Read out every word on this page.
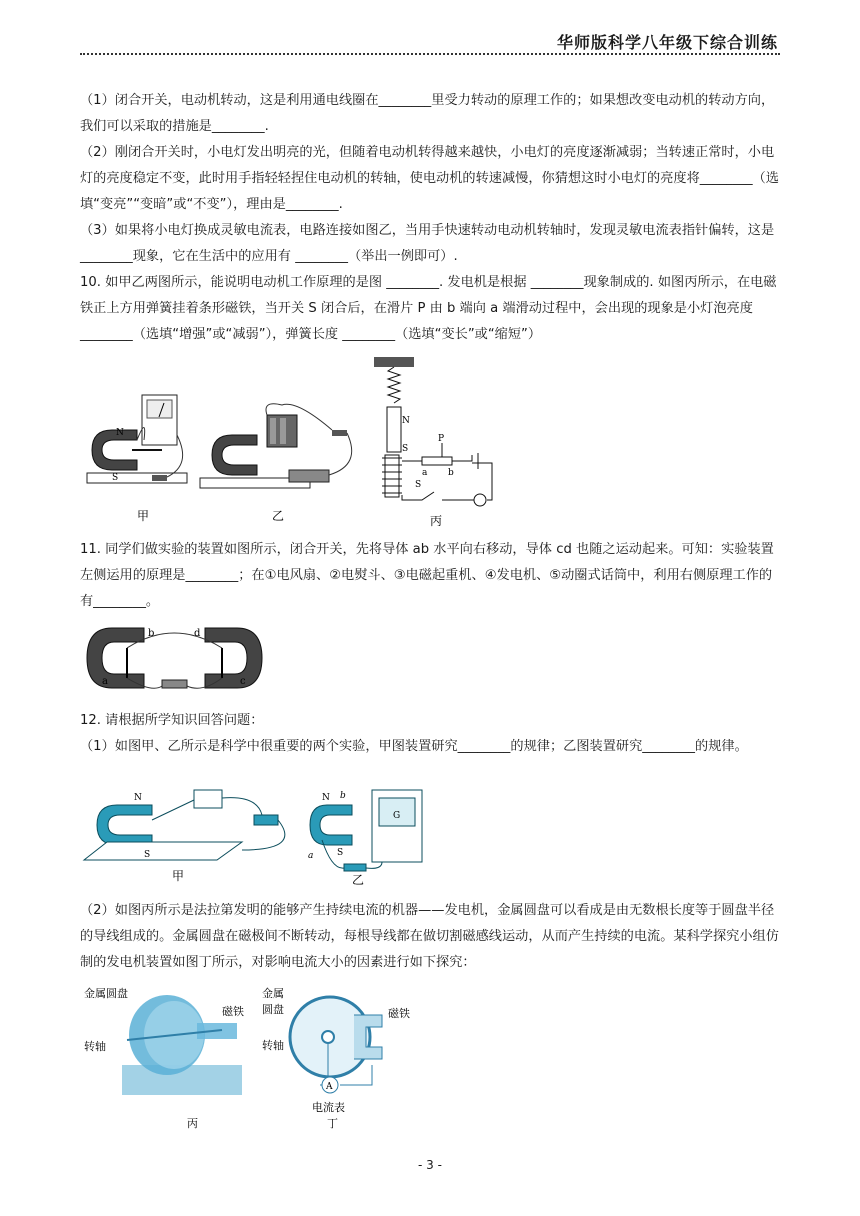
华师版科学八年级下综合训练
（1）闭合开关，电动机转动，这是利用通电线圈在________里受力转动的原理工作的；如果想改变电动机的转动方向，我们可以采取的措施是________.
（2）刚闭合开关时，小电灯发出明亮的光，但随着电动机转得越来越快，小电灯的亮度逐渐减弱；当转速正常时，小电灯的亮度稳定不变，此时用手指轻轻捏住电动机的转轴，使电动机的转速减慢，你猜想这时小电灯的亮度将________（选填“变亮”“变暗”或“不变”），理由是________.
（3）如果将小电灯换成灵敏电流表，电路连接如图乙，当用手快速转动电动机转轴时，发现灵敏电流表指针偏转，这是________现象，它在生活中的应用有 ________（举出一例即可）.
10. 如甲乙两图所示，能说明电动机工作原理的是图 ________. 发电机是根据 ________现象制成的. 如图丙所示，在电磁铁正上方用弹簧挂着条形磁铁，当开关 S 闭合后，在滑片 P 由 b 端向 a 端滑动过程中，会出现的现象是小灯泡亮度 ________（选填“增强”或“减弱”），弹簧长度 ________（选填“变长”或“缩短”）
N
S
甲	乙
N
S
P
a b
S
丙
11. 同学们做实验的装置如图所示，闭合开关，先将导体 ab 水平向右移动，导体 cd 也随之运动起来。可知：实验装置左侧运用的原理是________；在①电风扇、②电熨斗、③电磁起重机、④发电机、⑤动圈式话筒中，利用右侧原理工作的有________。
a
b
c
d
12. 请根据所学知识回答问题：
（1）如图甲、乙所示是科学中很重要的两个实验，甲图装置研究________的规律；乙图装置研究________的规律。
N
S
甲
N b
S
a
G
乙
（2）如图丙所示是法拉第发明的能够产生持续电流的机器——发电机，金属圆盘可以看成是由无数根长度等于圆盘半径的导线组成的。金属圆盘在磁极间不断转动，每根导线都在做切割磁感线运动，从而产生持续的电流。某科学探究小组仿制的发电机装置如图丁所示，对影响电流大小的因素进行如下探究：
金属圆盘
磁铁
转轴
丙
A
金属
圆盘	磁铁
转轴
电流表
丁
- 3 -
